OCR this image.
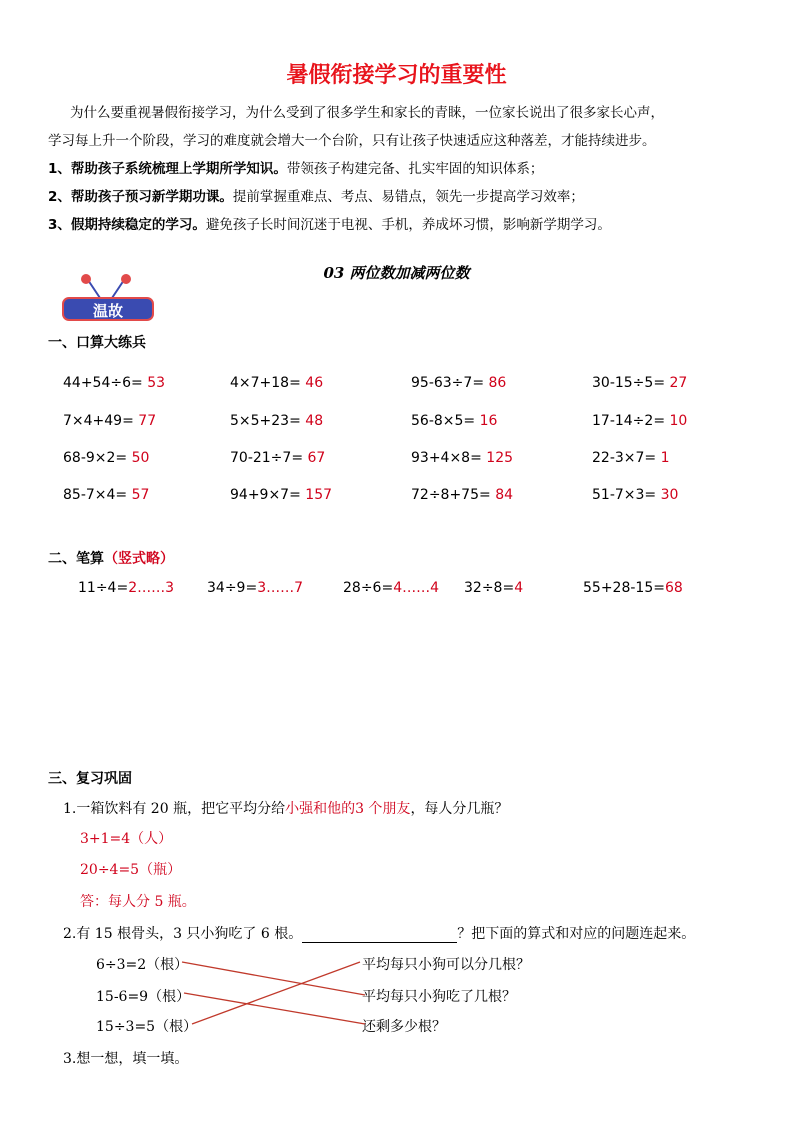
暑假衔接学习的重要性
为什么要重视暑假衔接学习，为什么受到了很多学生和家长的青睐，一位家长说出了很多家长心声，
学习每上升一个阶段，学习的难度就会增大一个台阶，只有让孩子快速适应这种落差，才能持续进步。
1、帮助孩子系统梳理上学期所学知识。带领孩子构建完备、扎实牢固的知识体系；
2、帮助孩子预习新学期功课。提前掌握重难点、考点、易错点，领先一步提高学习效率；
3、假期持续稳定的学习。避免孩子长时间沉迷于电视、手机，养成坏习惯，影响新学期学习。
03 两位数加减两位数
温故
一、口算大练兵
44+54÷6= 53	4×7+18= 46	95-63÷7= 86	30-15÷5= 27
7×4+49= 77	5×5+23= 48	56-8×5= 16	17-14÷2= 10
68-9×2= 50	70-21÷7= 67	93+4×8= 125	22-3×7= 1
85-7×4= 57	94+9×7= 157	72÷8+75= 84	51-7×3= 30
二、笔算（竖式略）
11÷4=2……3 34÷9=3……7	28÷6=4……4 32÷8=4	55+28-15=68
三、复习巩固
1.一箱饮料有 20 瓶，把它平均分给小强和他的3 个朋友，每人分几瓶？
3+1=4（人）
20÷4=5（瓶）
答：每人分 5 瓶。
2.有 15 根骨头，3 只小狗吃了 6 根。	？把下面的算式和对应的问题连起来。
6÷3=2（根）
15-6=9（根）
15÷3=5（根）
平均每只小狗可以分几根？
平均每只小狗吃了几根？
还剩多少根？
3.想一想，填一填。
